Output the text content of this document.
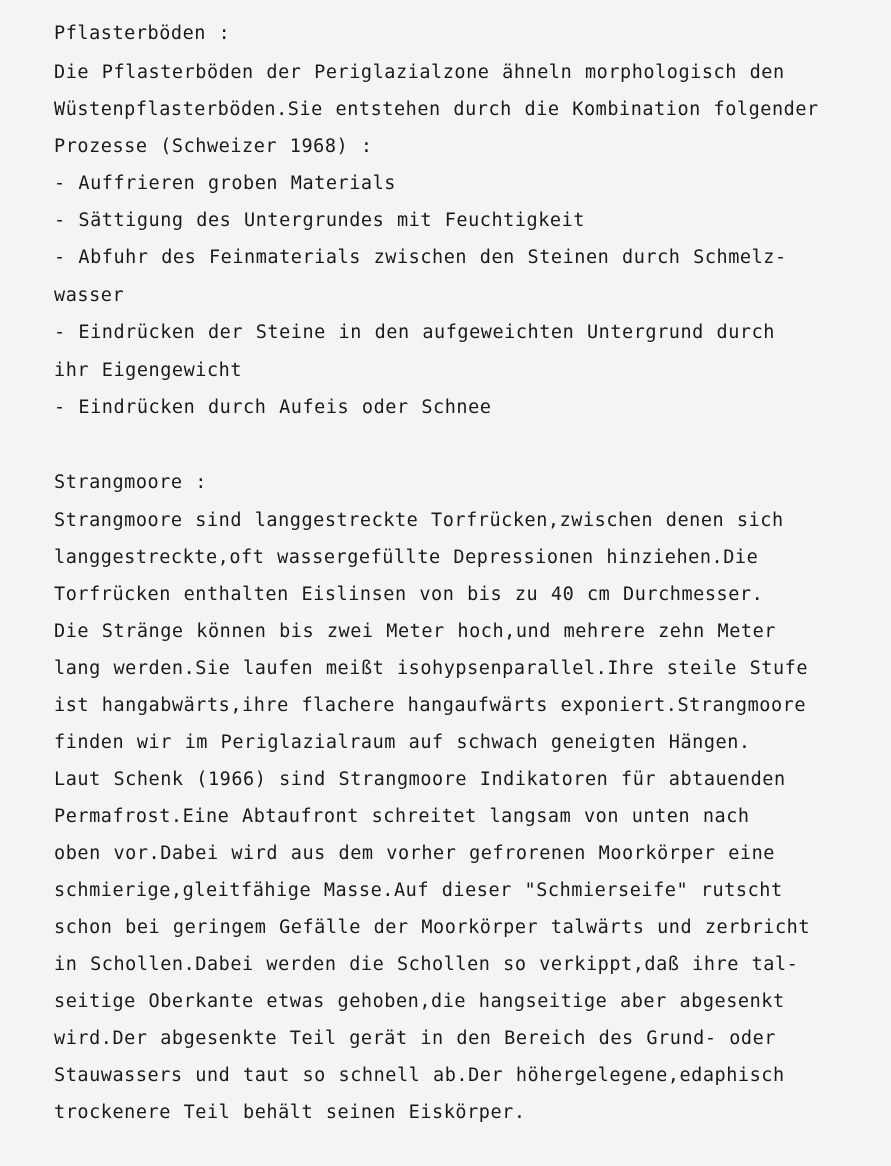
Pflasterböden :
Die Pflasterböden der Periglazialzone ähneln morphologisch den
Wüstenpflasterböden.Sie entstehen durch die Kombination folgender
Prozesse (Schweizer 1968) :
- Auffrieren groben Materials
- Sättigung des Untergrundes mit Feuchtigkeit
- Abfuhr des Feinmaterials zwischen den Steinen durch Schmelz-
wasser
- Eindrücken der Steine in den aufgeweichten Untergrund durch
ihr Eigengewicht
- Eindrücken durch Aufeis oder Schnee
Strangmoore :
Strangmoore sind langgestreckte Torfrücken,zwischen denen sich
langgestreckte,oft wassergefüllte Depressionen hinziehen.Die
Torfrücken enthalten Eislinsen von bis zu 40 cm Durchmesser.
Die Stränge können bis zwei Meter hoch,und mehrere zehn Meter
lang werden.Sie laufen meißt isohypsenparallel.Ihre steile Stufe
ist hangabwärts,ihre flachere hangaufwärts exponiert.Strangmoore
finden wir im Periglazialraum auf schwach geneigten Hängen.
Laut Schenk (1966) sind Strangmoore Indikatoren für abtauenden
Permafrost.Eine Abtaufront schreitet langsam von unten nach
oben vor.Dabei wird aus dem vorher gefrorenen Moorkörper eine
schmierige,gleitfähige Masse.Auf dieser "Schmierseife" rutscht
schon bei geringem Gefälle der Moorkörper talwärts und zerbricht
in Schollen.Dabei werden die Schollen so verkippt,daß ihre tal-
seitige Oberkante etwas gehoben,die hangseitige aber abgesenkt
wird.Der abgesenkte Teil gerät in den Bereich des Grund- oder
Stauwassers und taut so schnell ab.Der höhergelegene,edaphisch
trockenere Teil behält seinen Eiskörper.
